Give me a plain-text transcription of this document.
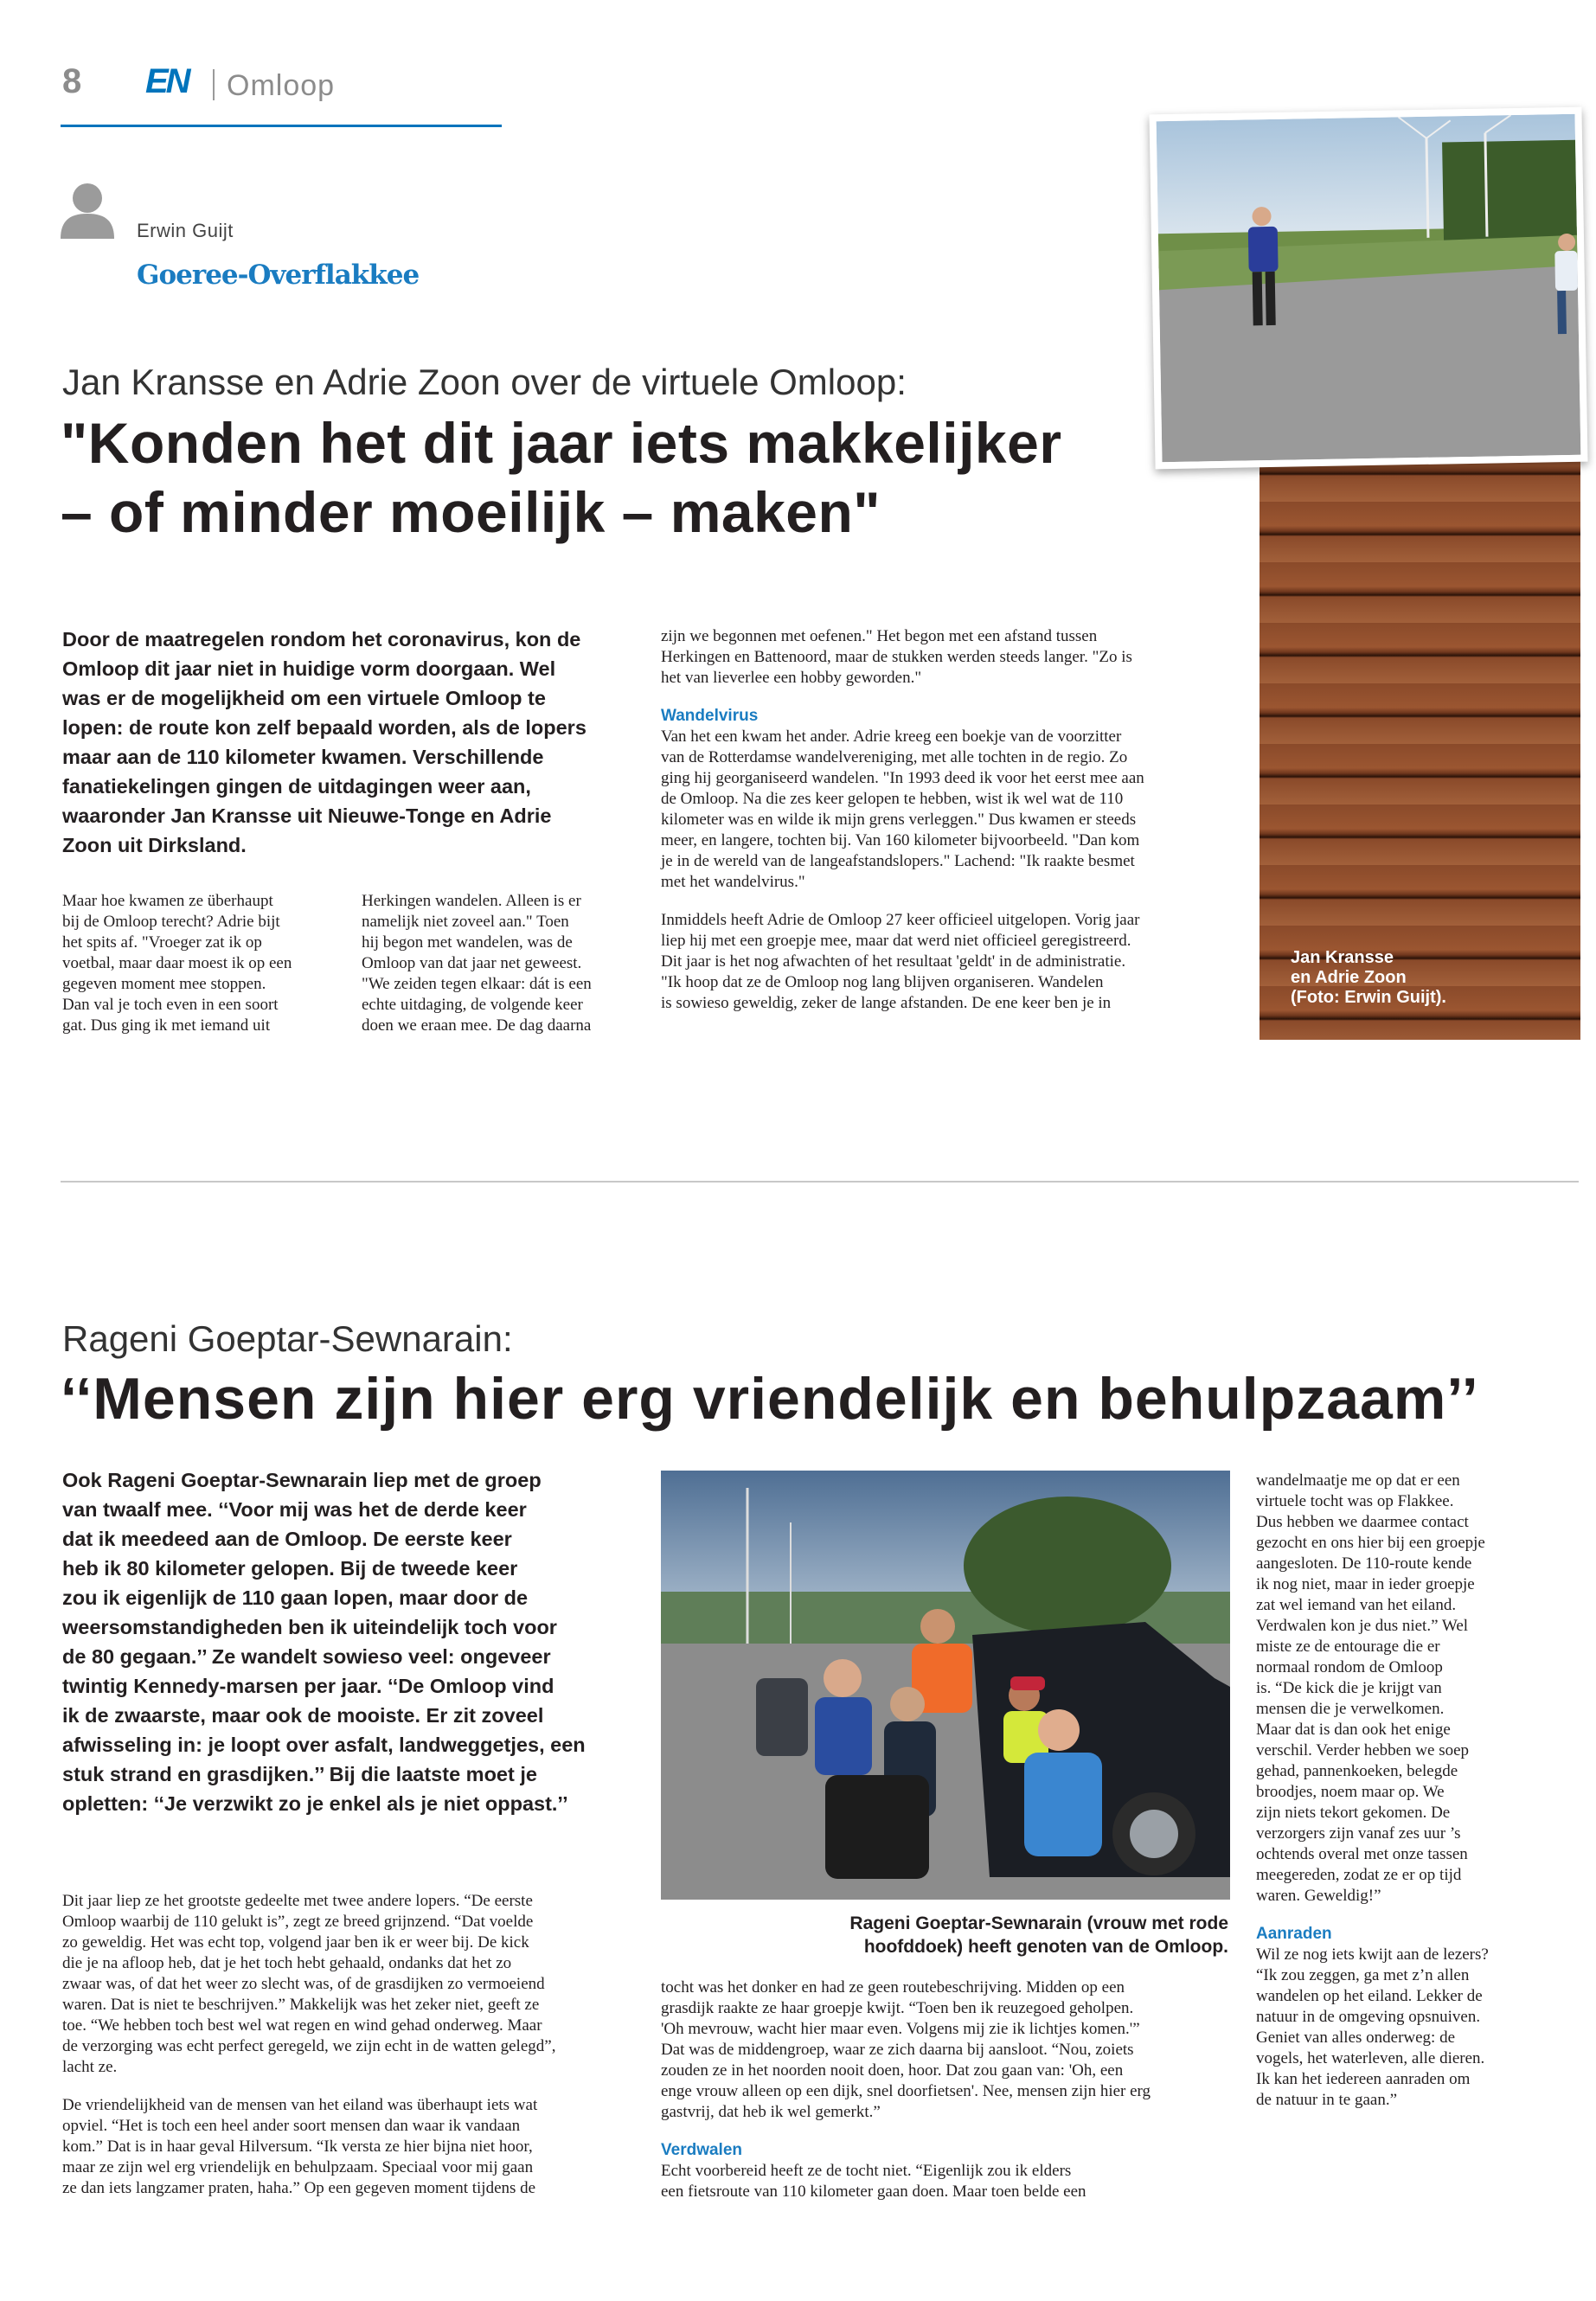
8 EN Omloop
Erwin Guijt
Goeree-Overflakkee
Jan Kransse en Adrie Zoon over de virtuele Omloop:
"Konden het dit jaar iets makkelijker
– of minder moeilijk – maken"
Door de maatregelen rondom het coronavirus, kon de
Omloop dit jaar niet in huidige vorm doorgaan. Wel
was er de mogelijkheid om een virtuele Omloop te
lopen: de route kon zelf bepaald worden, als de lopers
maar aan de 110 kilometer kwamen. Verschillende
fanatiekelingen gingen de uitdagingen weer aan,
waaronder Jan Kransse uit Nieuwe-Tonge en Adrie
Zoon uit Dirksland.
Maar hoe kwamen ze überhaupt
bij de Omloop terecht? Adrie bijt
het spits af. "Vroeger zat ik op
voetbal, maar daar moest ik op een
gegeven moment mee stoppen.
Dan val je toch even in een soort
gat. Dus ging ik met iemand uit
Herkingen wandelen. Alleen is er
namelijk niet zoveel aan." Toen
hij begon met wandelen, was de
Omloop van dat jaar net geweest.
"We zeiden tegen elkaar: dát is een
echte uitdaging, de volgende keer
doen we eraan mee. De dag daarna
zijn we begonnen met oefenen." Het begon met een afstand tussen
Herkingen en Battenoord, maar de stukken werden steeds langer. "Zo is
het van lieverlee een hobby geworden."
Wandelvirus
Van het een kwam het ander. Adrie kreeg een boekje van de voorzitter
van de Rotterdamse wandelvereniging, met alle tochten in de regio. Zo
ging hij georganiseerd wandelen. "In 1993 deed ik voor het eerst mee aan
de Omloop. Na die zes keer gelopen te hebben, wist ik wel wat de 110
kilometer was en wilde ik mijn grens verleggen." Dus kwamen er steeds
meer, en langere, tochten bij. Van 160 kilometer bijvoorbeeld. "Dan kom
je in de wereld van de langeafstandslopers." Lachend: "Ik raakte besmet
met het wandelvirus."
Inmiddels heeft Adrie de Omloop 27 keer officieel uitgelopen. Vorig jaar
liep hij met een groepje mee, maar dat werd niet officieel geregistreerd.
Dit jaar is het nog afwachten of het resultaat 'geldt' in de administratie.
"Ik hoop dat ze de Omloop nog lang blijven organiseren. Wandelen
is sowieso geweldig, zeker de lange afstanden. De ene keer ben je in
Jan Kransse
en Adrie Zoon
(Foto: Erwin Guijt).
Rageni Goeptar-Sewnarain:
‘‘Mensen zijn hier erg vriendelijk en behulpzaam’’
Ook Rageni Goeptar-Sewnarain liep met de groep
van twaalf mee. ‘‘Voor mij was het de derde keer
dat ik meedeed aan de Omloop. De eerste keer
heb ik 80 kilometer gelopen. Bij de tweede keer
zou ik eigenlijk de 110 gaan lopen, maar door de
weersomstandigheden ben ik uiteindelijk toch voor
de 80 gegaan.’’ Ze wandelt sowieso veel: ongeveer
twintig Kennedy-marsen per jaar. ‘‘De Omloop vind
ik de zwaarste, maar ook de mooiste. Er zit zoveel
afwisseling in: je loopt over asfalt, landweggetjes, een
stuk strand en grasdijken.’’ Bij die laatste moet je
opletten: ‘‘Je verzwikt zo je enkel als je niet oppast.’’
Rageni Goeptar-Sewnarain (vrouw met rode
hoofddoek) heeft genoten van de Omloop.
Dit jaar liep ze het grootste gedeelte met twee andere lopers. “De eerste
Omloop waarbij de 110 gelukt is”, zegt ze breed grijnzend. “Dat voelde
zo geweldig. Het was echt top, volgend jaar ben ik er weer bij. De kick
die je na afloop heb, dat je het toch hebt gehaald, ondanks dat het zo
zwaar was, of dat het weer zo slecht was, of de grasdijken zo vermoeiend
waren. Dat is niet te beschrijven.” Makkelijk was het zeker niet, geeft ze
toe. “We hebben toch best wel wat regen en wind gehad onderweg. Maar
de verzorging was echt perfect geregeld, we zijn echt in de watten gelegd”,
lacht ze.
De vriendelijkheid van de mensen van het eiland was überhaupt iets wat
opviel. “Het is toch een heel ander soort mensen dan waar ik vandaan
kom.” Dat is in haar geval Hilversum. “Ik versta ze hier bijna niet hoor,
maar ze zijn wel erg vriendelijk en behulpzaam. Speciaal voor mij gaan
ze dan iets langzamer praten, haha.” Op een gegeven moment tijdens de
tocht was het donker en had ze geen routebeschrijving. Midden op een
grasdijk raakte ze haar groepje kwijt. “Toen ben ik reuzegoed geholpen.
'Oh mevrouw, wacht hier maar even. Volgens mij zie ik lichtjes komen.'”
Dat was de middengroep, waar ze zich daarna bij aansloot. “Nou, zoiets
zouden ze in het noorden nooit doen, hoor. Dat zou gaan van: 'Oh, een
enge vrouw alleen op een dijk, snel doorfietsen'. Nee, mensen zijn hier erg
gastvrij, dat heb ik wel gemerkt.”
Verdwalen
Echt voorbereid heeft ze de tocht niet. “Eigenlijk zou ik elders
een fietsroute van 110 kilometer gaan doen. Maar toen belde een
wandelmaatje me op dat er een
virtuele tocht was op Flakkee.
Dus hebben we daarmee contact
gezocht en ons hier bij een groepje
aangesloten. De 110-route kende
ik nog niet, maar in ieder groepje
zat wel iemand van het eiland.
Verdwalen kon je dus niet.” Wel
miste ze de entourage die er
normaal rondom de Omloop
is. “De kick die je krijgt van
mensen die je verwelkomen.
Maar dat is dan ook het enige
verschil. Verder hebben we soep
gehad, pannenkoeken, belegde
broodjes, noem maar op. We
zijn niets tekort gekomen. De
verzorgers zijn vanaf zes uur ’s
ochtends overal met onze tassen
meegereden, zodat ze er op tijd
waren. Geweldig!”
Aanraden
Wil ze nog iets kwijt aan de lezers?
“Ik zou zeggen, ga met z’n allen
wandelen op het eiland. Lekker de
natuur in de omgeving opsnuiven.
Geniet van alles onderweg: de
vogels, het waterleven, alle dieren.
Ik kan het iedereen aanraden om
de natuur in te gaan.”
